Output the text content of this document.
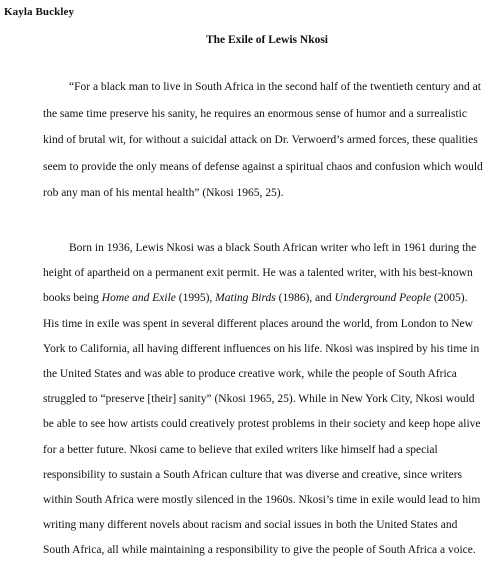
Kayla Buckley
The Exile of Lewis Nkosi

“For a black man to live in South Africa in the second half of the twentieth century and at the same time preserve his sanity, he requires an enormous sense of humor and a surrealistic kind of brutal wit, for without a suicidal attack on Dr. Verwoerd’s armed forces, these qualities seem to provide the only means of defense against a spiritual chaos and confusion which would rob any man of his mental health” (Nkosi 1965, 25).

Born in 1936, Lewis Nkosi was a black South African writer who left in 1961 during the height of apartheid on a permanent exit permit. He was a talented writer, with his best-known books being Home and Exile (1995), Mating Birds (1986), and Underground People (2005). His time in exile was spent in several different places around the world, from London to New York to California, all having different influences on his life. Nkosi was inspired by his time in the United States and was able to produce creative work, while the people of South Africa struggled to “preserve [their] sanity” (Nkosi 1965, 25). While in New York City, Nkosi would be able to see how artists could creatively protest problems in their society and keep hope alive for a better future. Nkosi came to believe that exiled writers like himself had a special responsibility to sustain a South African culture that was diverse and creative, since writers within South Africa were mostly silenced in the 1960s. Nkosi’s time in exile would lead to him writing many different novels about racism and social issues in both the United States and South Africa, all while maintaining a responsibility to give the people of South Africa a voice.
